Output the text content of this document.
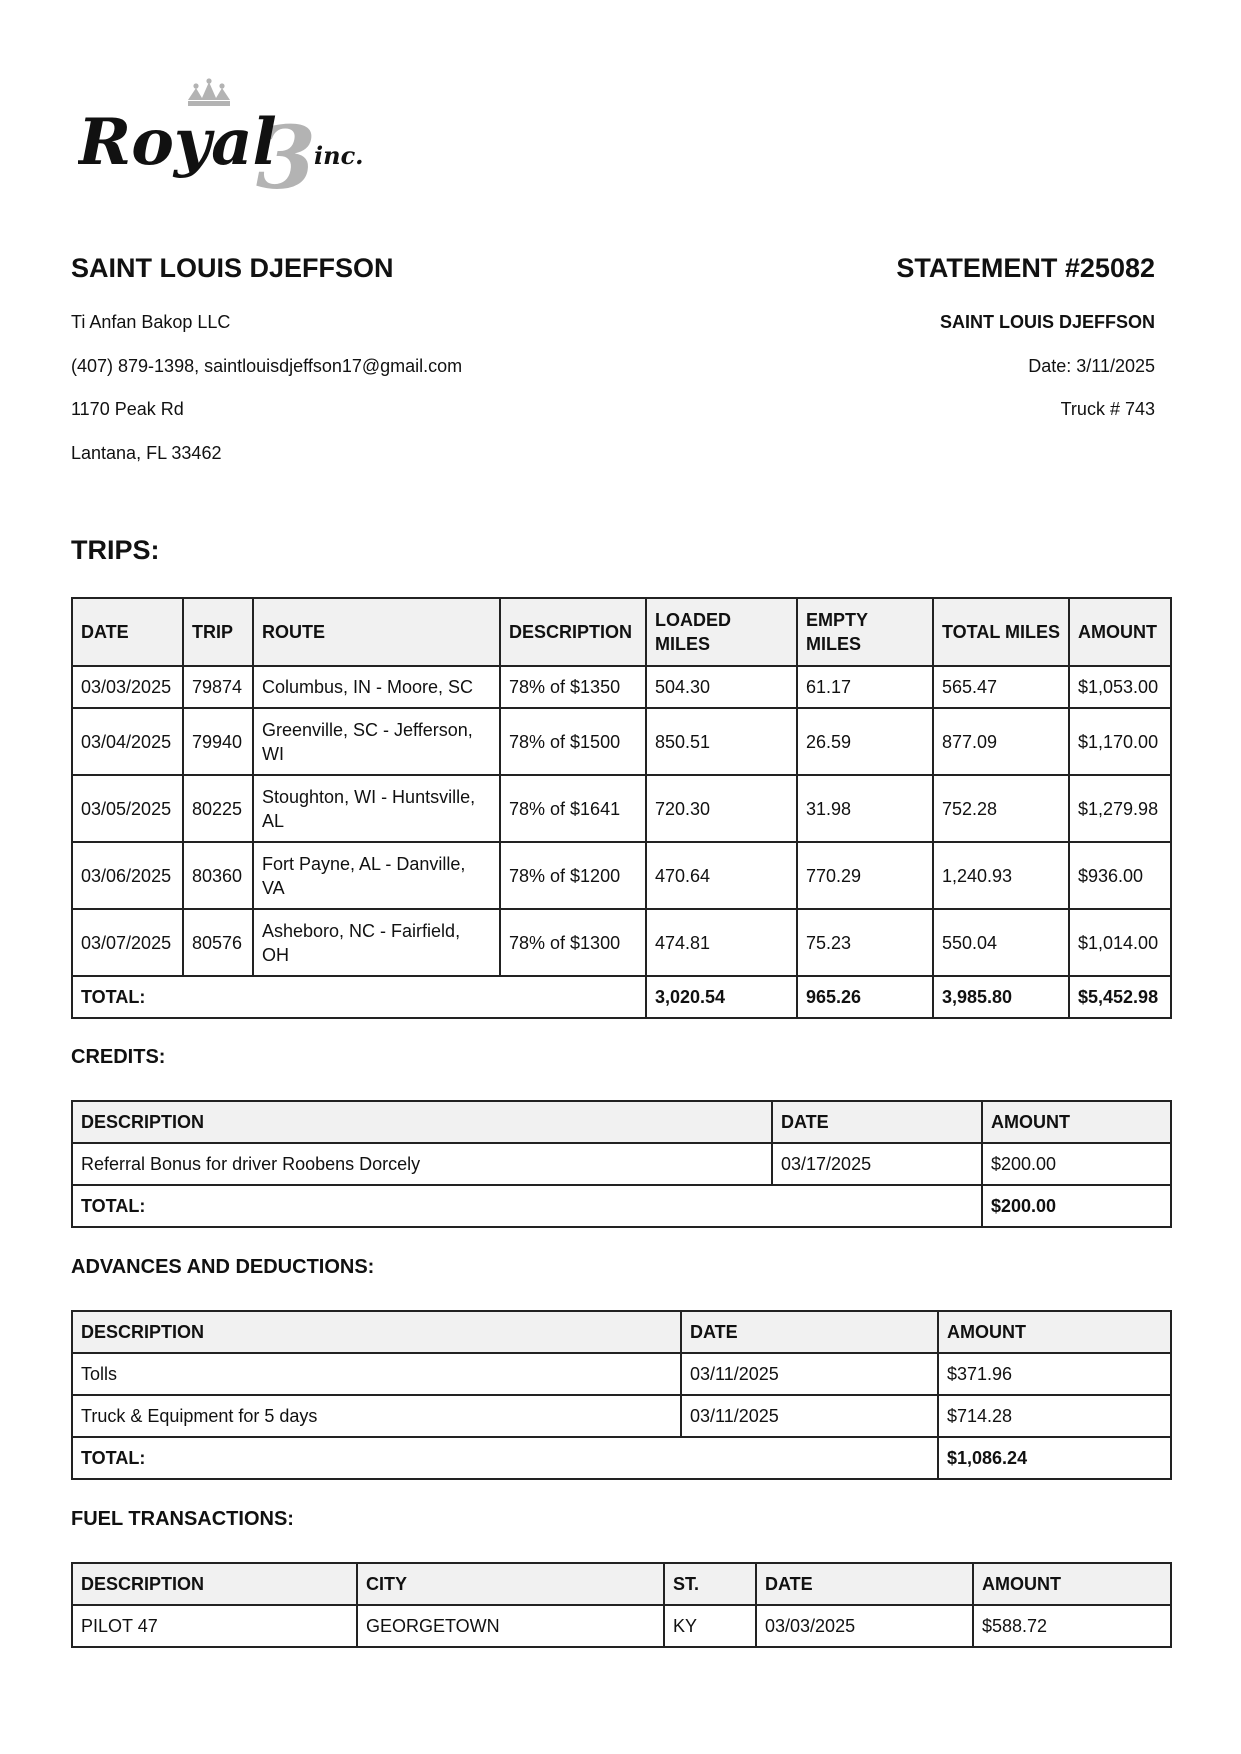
3
Royal inc.
SAINT LOUIS DJEFFSON
Ti Anfan Bakop LLC
(407) 879-1398, saintlouisdjeffson17@gmail.com
1170 Peak Rd
Lantana, FL 33462
STATEMENT #25082
SAINT LOUIS DJEFFSON
Date: 3/11/2025
Truck # 743
TRIPS:
DATE	TRIP	ROUTE	DESCRIPTION	LOADED MILES	EMPTY MILES	TOTAL MILES	AMOUNT
03/03/2025	79874	Columbus, IN - Moore, SC	78% of $1350	504.30	61.17	565.47	$1,053.00
03/04/2025	79940	Greenville, SC - Jefferson, WI	78% of $1500	850.51	26.59	877.09	$1,170.00
03/05/2025	80225	Stoughton, WI - Huntsville, AL	78% of $1641	720.30	31.98	752.28	$1,279.98
03/06/2025	80360	Fort Payne, AL - Danville, VA	78% of $1200	470.64	770.29	1,240.93	$936.00
03/07/2025	80576	Asheboro, NC - Fairfield, OH	78% of $1300	474.81	75.23	550.04	$1,014.00
TOTAL:				3,020.54	965.26	3,985.80	$5,452.98
CREDITS:
DESCRIPTION	DATE	AMOUNT
Referral Bonus for driver Roobens Dorcely	03/17/2025	$200.00
TOTAL:		$200.00
ADVANCES AND DEDUCTIONS:
DESCRIPTION	DATE	AMOUNT
Tolls	03/11/2025	$371.96
Truck & Equipment for 5 days	03/11/2025	$714.28
TOTAL:		$1,086.24
FUEL TRANSACTIONS:
DESCRIPTION	CITY	ST.	DATE	AMOUNT
PILOT 47	GEORGETOWN	KY	03/03/2025	$588.72
